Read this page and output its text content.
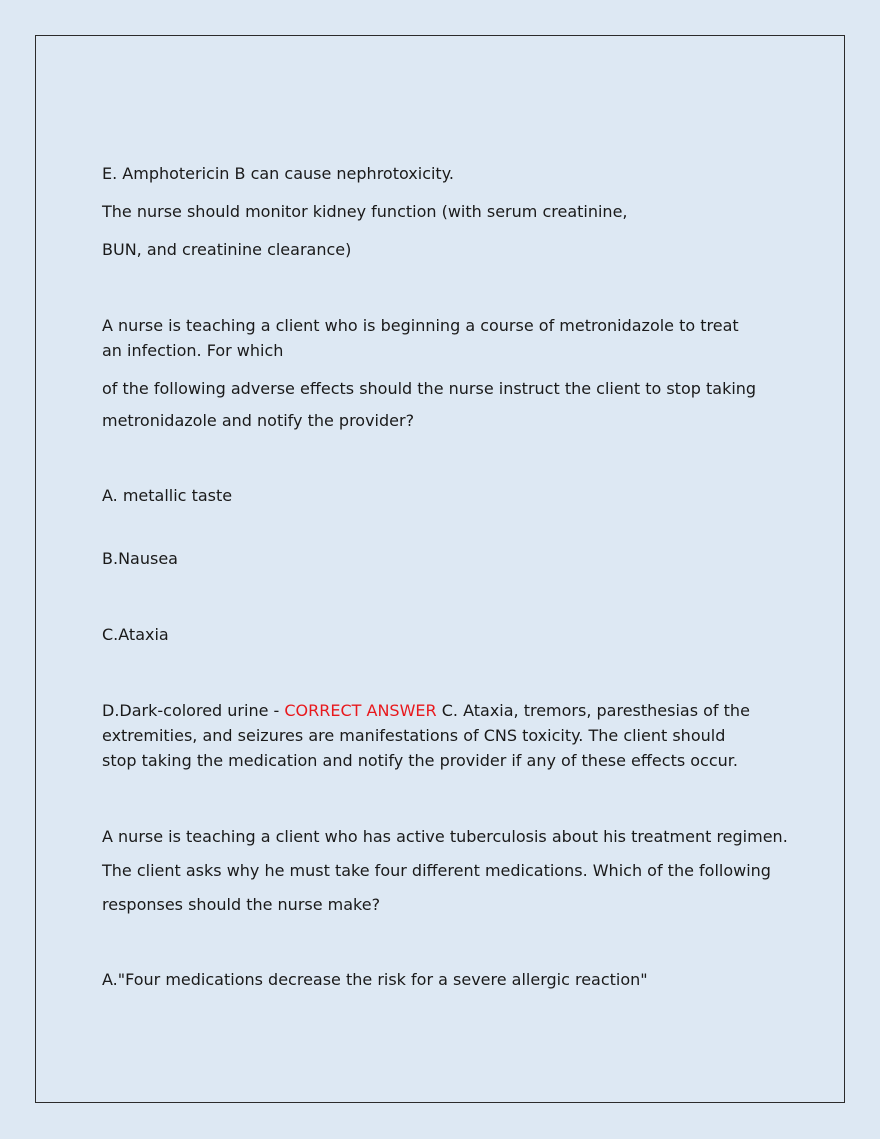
E. Amphotericin B can cause nephrotoxicity.

The nurse should monitor kidney function (with serum creatinine,

BUN, and creatinine clearance)

A nurse is teaching a client who is beginning a course of metronidazole to treat an infection. For which

of the following adverse effects should the nurse instruct the client to stop taking

metronidazole and notify the provider?

A. metallic taste

B.Nausea

C.Ataxia

D.Dark-colored urine - CORRECT ANSWER C. Ataxia, tremors, paresthesias of the extremities, and seizures are manifestations of CNS toxicity. The client should stop taking the medication and notify the provider if any of these effects occur.

A nurse is teaching a client who has active tuberculosis about his treatment regimen.

The client asks why he must take four different medications. Which of the following

responses should the nurse make?

A."Four medications decrease the risk for a severe allergic reaction"
